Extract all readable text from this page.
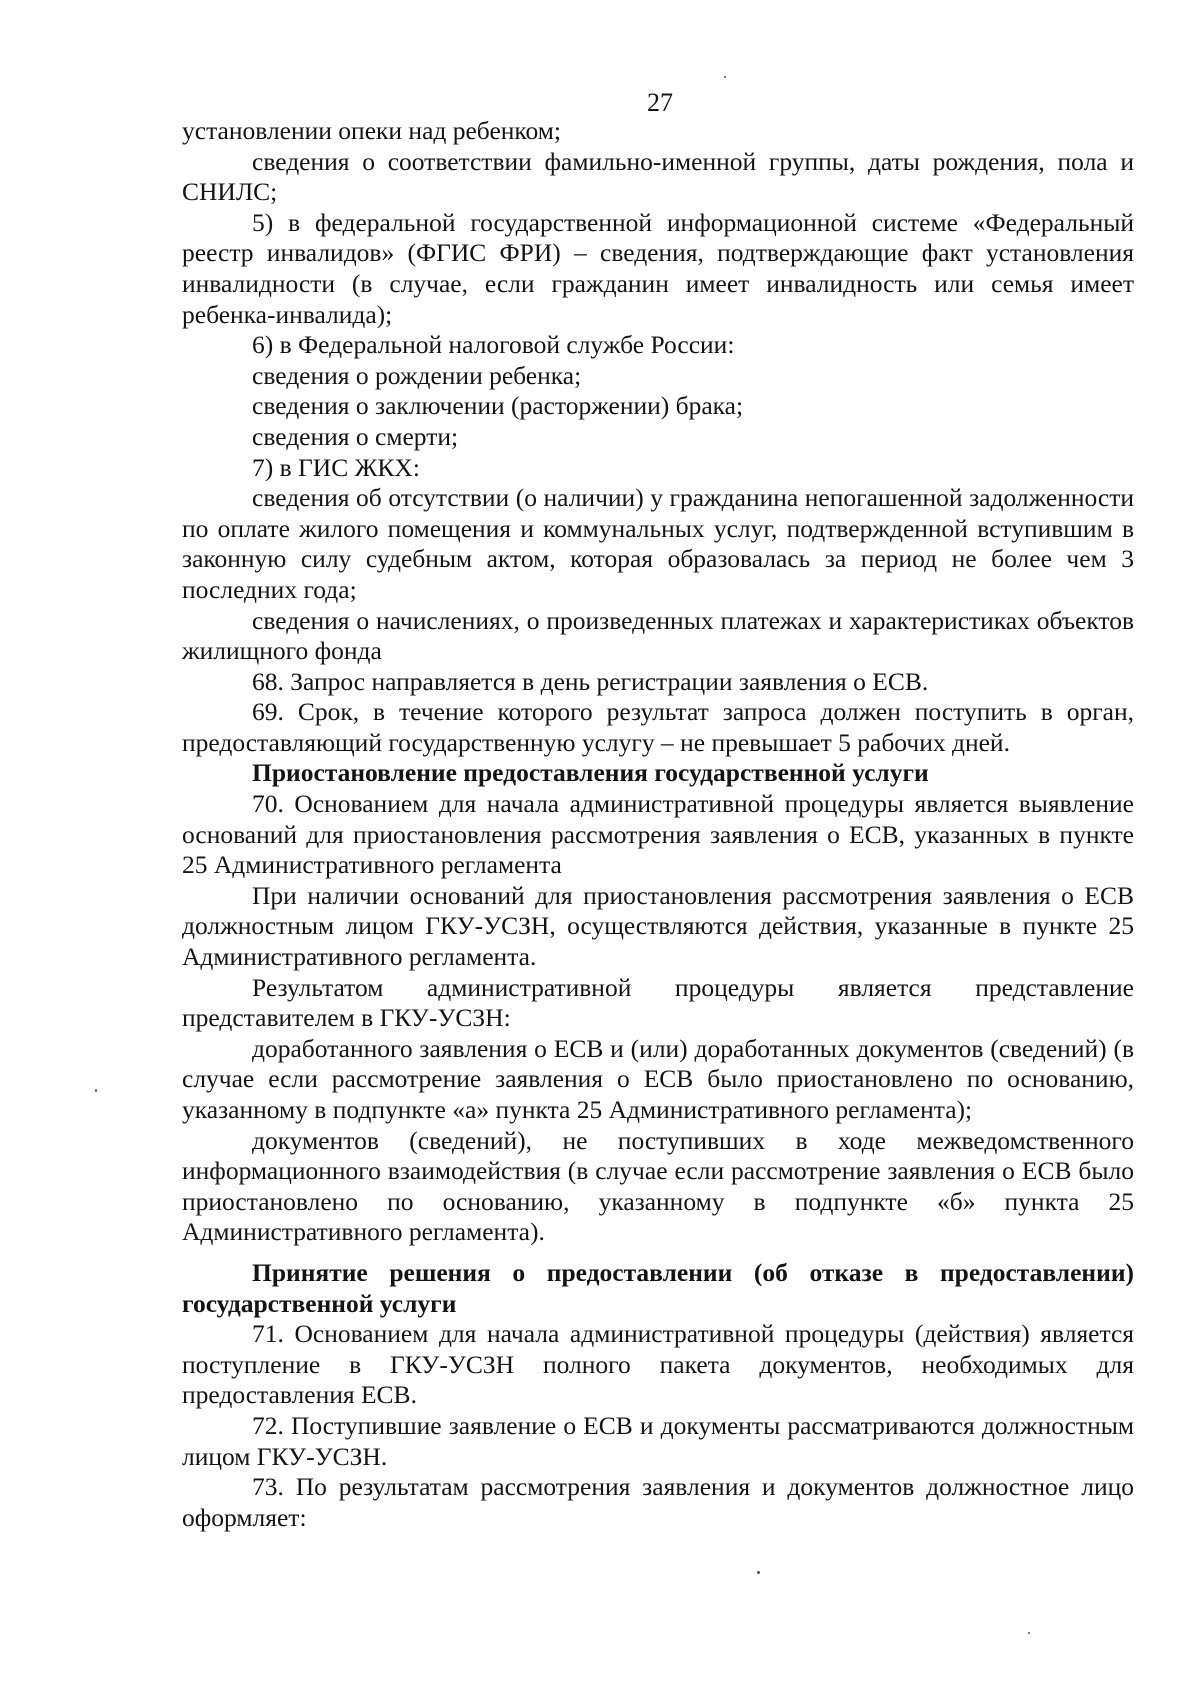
27

установлении опеки над ребенком;

сведения о соответствии фамильно-именной группы, даты рождения, пола и СНИЛС;

5) в федеральной государственной информационной системе «Федеральный реестр инвалидов» (ФГИС ФРИ) – сведения, подтверждающие факт установления инвалидности (в случае, если гражданин имеет инвалидность или семья имеет ребенка-инвалида);

6) в Федеральной налоговой службе России:

сведения о рождении ребенка;

сведения о заключении (расторжении) брака;

сведения о смерти;

7) в ГИС ЖКХ:

сведения об отсутствии (о наличии) у гражданина непогашенной задолженности по оплате жилого помещения и коммунальных услуг, подтвержденной вступившим в законную силу судебным актом, которая образовалась за период не более чем 3 последних года;

сведения о начислениях, о произведенных платежах и характеристиках объектов жилищного фонда

68. Запрос направляется в день регистрации заявления о ЕСВ.

69. Срок, в течение которого результат запроса должен поступить в орган, предоставляющий государственную услугу – не превышает 5 рабочих дней.

Приостановление предоставления государственной услуги

70. Основанием для начала административной процедуры является выявление оснований для приостановления рассмотрения заявления о ЕСВ, указанных в пункте 25 Административного регламента

При наличии оснований для приостановления рассмотрения заявления о ЕСВ должностным лицом ГКУ-УСЗН, осуществляются действия, указанные в пункте 25 Административного регламента.

Результатом административной процедуры является представление представителем в ГКУ-УСЗН:

доработанного заявления о ЕСВ и (или) доработанных документов (сведений) (в случае если рассмотрение заявления о ЕСВ было приостановлено по основанию, указанному в подпункте «а» пункта 25 Административного регламента);

документов (сведений), не поступивших в ходе межведомственного информационного взаимодействия (в случае если рассмотрение заявления о ЕСВ было приостановлено по основанию, указанному в подпункте «б» пункта 25 Административного регламента).

Принятие решения о предоставлении (об отказе в предоставлении) государственной услуги

71. Основанием для начала административной процедуры (действия) является поступление в ГКУ-УСЗН полного пакета документов, необходимых для предоставления ЕСВ.

72. Поступившие заявление о ЕСВ и документы рассматриваются должностным лицом ГКУ-УСЗН.

73. По результатам рассмотрения заявления и документов должностное лицо оформляет:
